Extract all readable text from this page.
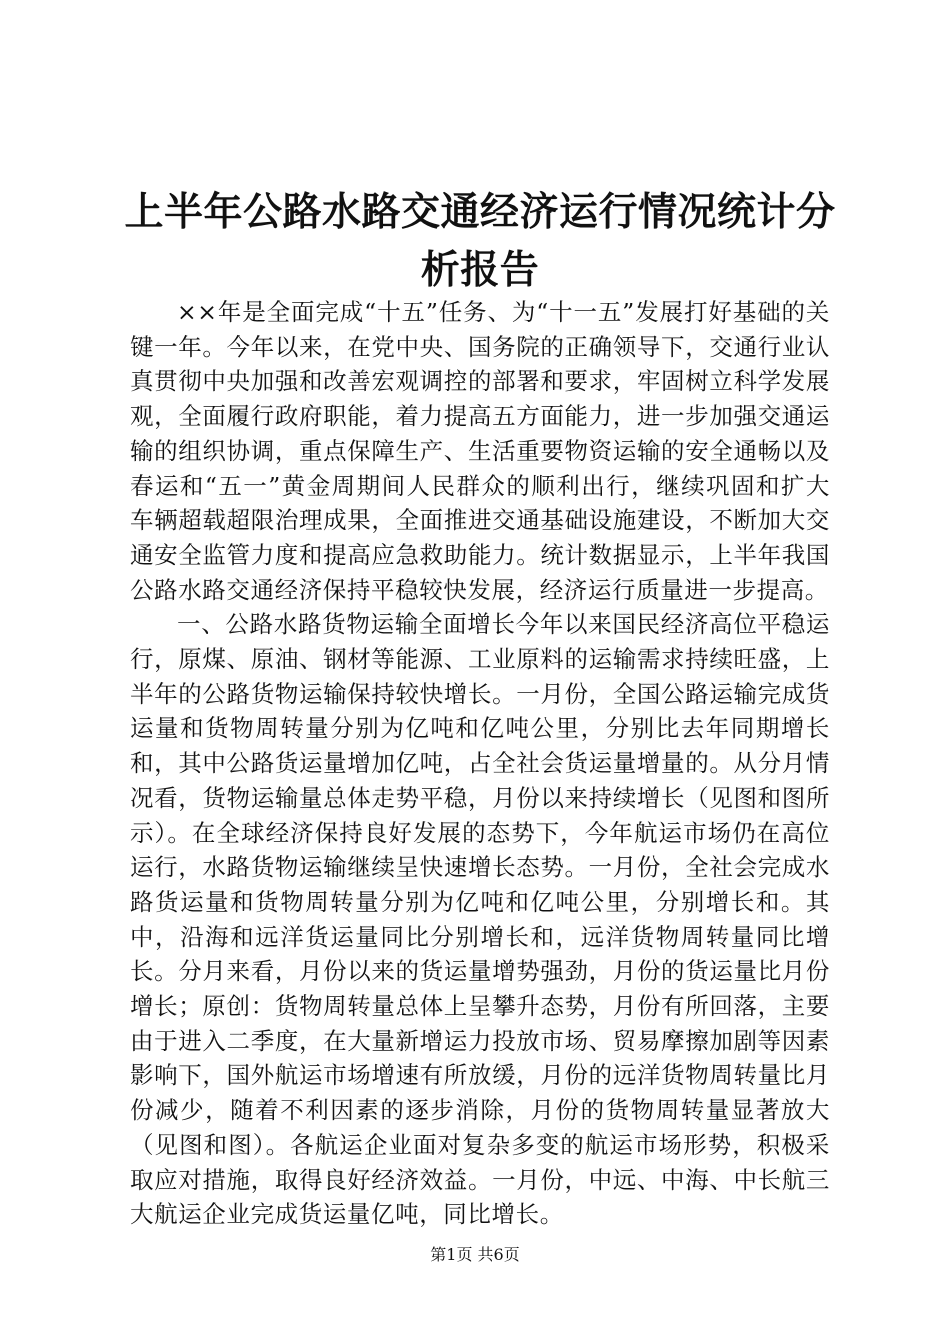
上半年公路水路交通经济运行情况统计分析报告

××年是全面完成“十五”任务、为“十一五”发展打好基础的关键一年。今年以来，在党中央、国务院的正确领导下，交通行业认真贯彻中央加强和改善宏观调控的部署和要求，牢固树立科学发展观，全面履行政府职能，着力提高五方面能力，进一步加强交通运输的组织协调，重点保障生产、生活重要物资运输的安全通畅以及春运和“五一”黄金周期间人民群众的顺利出行，继续巩固和扩大车辆超载超限治理成果，全面推进交通基础设施建设，不断加大交通安全监管力度和提高应急救助能力。统计数据显示，上半年我国公路水路交通经济保持平稳较快发展，经济运行质量进一步提高。

一、公路水路货物运输全面增长今年以来国民经济高位平稳运行，原煤、原油、钢材等能源、工业原料的运输需求持续旺盛，上半年的公路货物运输保持较快增长。一月份，全国公路运输完成货运量和货物周转量分别为亿吨和亿吨公里，分别比去年同期增长和，其中公路货运量增加亿吨，占全社会货运量增量的。从分月情况看，货物运输量总体走势平稳，月份以来持续增长（见图和图所示）。在全球经济保持良好发展的态势下，今年航运市场仍在高位运行，水路货物运输继续呈快速增长态势。一月份，全社会完成水路货运量和货物周转量分别为亿吨和亿吨公里，分别增长和。其中，沿海和远洋货运量同比分别增长和，远洋货物周转量同比增长。分月来看，月份以来的货运量增势强劲，月份的货运量比月份增长；原创：货物周转量总体上呈攀升态势，月份有所回落，主要由于进入二季度，在大量新增运力投放市场、贸易摩擦加剧等因素影响下，国外航运市场增速有所放缓，月份的远洋货物周转量比月份减少，随着不利因素的逐步消除，月份的货物周转量显著放大（见图和图）。各航运企业面对复杂多变的航运市场形势，积极采取应对措施，取得良好经济效益。一月份，中远、中海、中长航三大航运企业完成货运量亿吨，同比增长。

第1页 共6页
